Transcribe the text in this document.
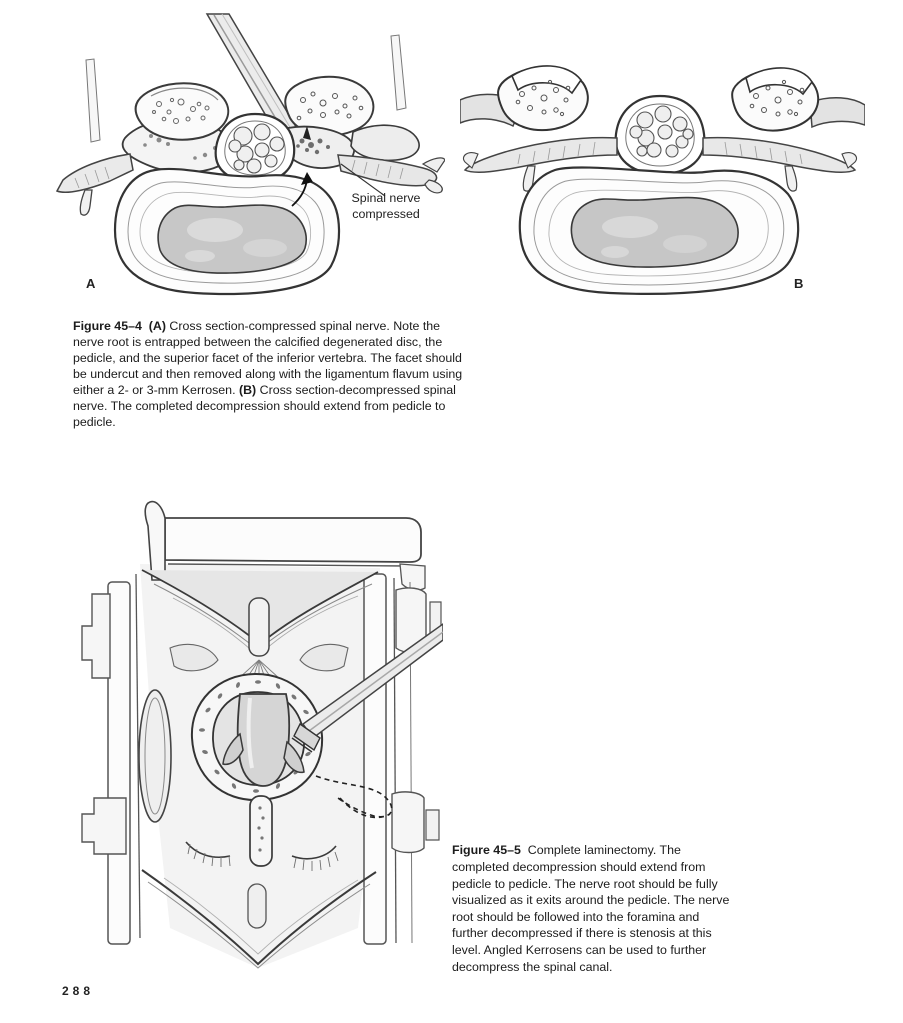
Spinal nerve
compressed
A	B

Figure 45–4 (A) Cross section-compressed spinal nerve. Note the nerve root is entrapped between the calcified degenerated disc, the pedicle, and the superior facet of the inferior vertebra. The facet should be undercut and then removed along with the ligamentum flavum using either a 2- or 3-mm Kerrosen. (B) Cross section-decompressed spinal nerve. The completed decompression should extend from pedicle to pedicle.

Figure 45–5 Complete laminectomy. The completed decompression should extend from pedicle to pedicle. The nerve root should be fully visualized as it exits around the pedicle. The nerve root should be followed into the foramina and further decompressed if there is stenosis at this level. Angled Kerrosens can be used to further decompress the spinal canal.

288
